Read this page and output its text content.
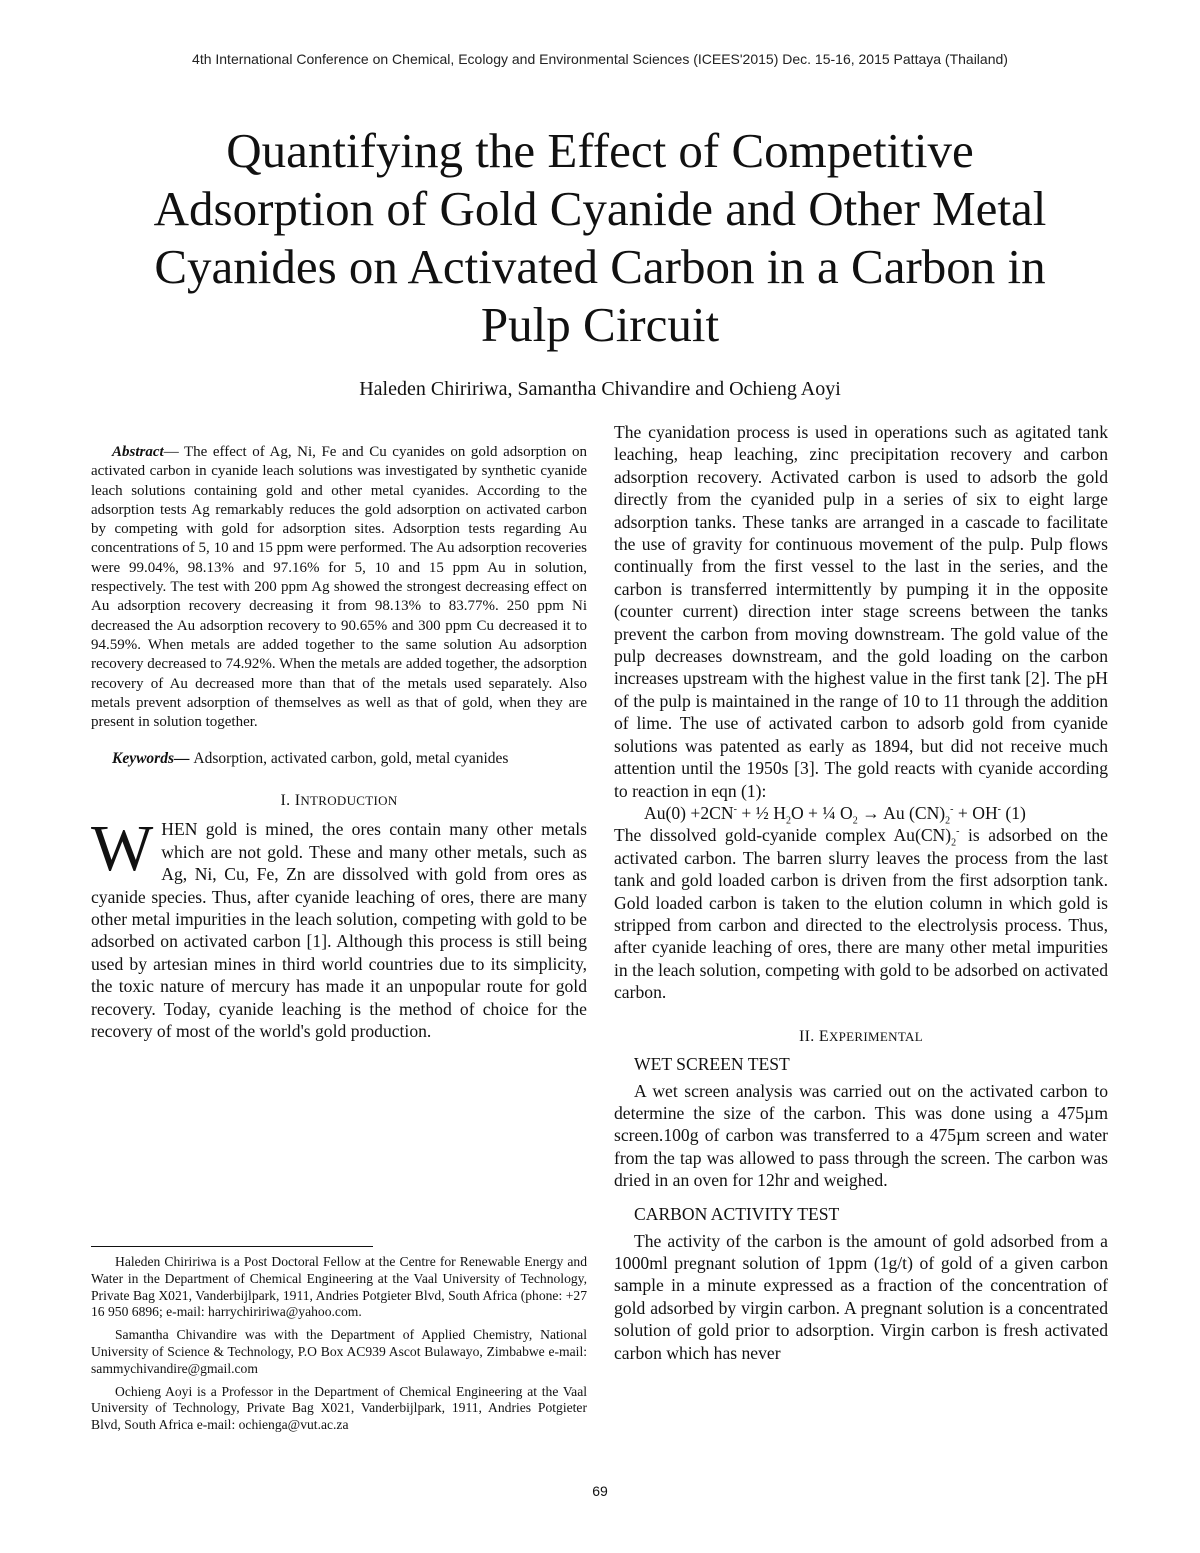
4th International Conference on Chemical, Ecology and Environmental Sciences (ICEES'2015) Dec. 15-16, 2015 Pattaya (Thailand)
Quantifying the Effect of Competitive Adsorption of Gold Cyanide and Other Metal Cyanides on Activated Carbon in a Carbon in Pulp Circuit
Haleden Chiririwa, Samantha Chivandire and Ochieng Aoyi

Abstract— The effect of Ag, Ni, Fe and Cu cyanides on gold adsorption on activated carbon in cyanide leach solutions was investigated by synthetic cyanide leach solutions containing gold and other metal cyanides. According to the adsorption tests Ag remarkably reduces the gold adsorption on activated carbon by competing with gold for adsorption sites. Adsorption tests regarding Au concentrations of 5, 10 and 15 ppm were performed. The Au adsorption recoveries were 99.04%, 98.13% and 97.16% for 5, 10 and 15 ppm Au in solution, respectively. The test with 200 ppm Ag showed the strongest decreasing effect on Au adsorption recovery decreasing it from 98.13% to 83.77%. 250 ppm Ni decreased the Au adsorption recovery to 90.65% and 300 ppm Cu decreased it to 94.59%. When metals are added together to the same solution Au adsorption recovery decreased to 74.92%. When the metals are added together, the adsorption recovery of Au decreased more than that of the metals used separately. Also metals prevent adsorption of themselves as well as that of gold, when they are present in solution together.

Keywords— Adsorption, activated carbon, gold, metal cyanides

I. INTRODUCTION

WHEN gold is mined, the ores contain many other metals which are not gold. These and many other metals, such as Ag, Ni, Cu, Fe, Zn are dissolved with gold from ores as cyanide species. Thus, after cyanide leaching of ores, there are many other metal impurities in the leach solution, competing with gold to be adsorbed on activated carbon [1]. Although this process is still being used by artesian mines in third world countries due to its simplicity, the toxic nature of mercury has made it an unpopular route for gold recovery. Today, cyanide leaching is the method of choice for the recovery of most of the world's gold production.

Haleden Chiririwa is a Post Doctoral Fellow at the Centre for Renewable Energy and Water in the Department of Chemical Engineering at the Vaal University of Technology, Private Bag X021, Vanderbijlpark, 1911, Andries Potgieter Blvd, South Africa (phone: +27 16 950 6896; e-mail: harrychiririwa@yahoo.com.

Samantha Chivandire was with the Department of Applied Chemistry, National University of Science & Technology, P.O Box AC939 Ascot Bulawayo, Zimbabwe e-mail: sammychivandire@gmail.com

Ochieng Aoyi is a Professor in the Department of Chemical Engineering at the Vaal University of Technology, Private Bag X021, Vanderbijlpark, 1911, Andries Potgieter Blvd, South Africa e-mail: ochienga@vut.ac.za

The cyanidation process is used in operations such as agitated tank leaching, heap leaching, zinc precipitation recovery and carbon adsorption recovery. Activated carbon is used to adsorb the gold directly from the cyanided pulp in a series of six to eight large adsorption tanks. These tanks are arranged in a cascade to facilitate the use of gravity for continuous movement of the pulp. Pulp flows continually from the first vessel to the last in the series, and the carbon is transferred intermittently by pumping it in the opposite (counter current) direction inter stage screens between the tanks prevent the carbon from moving downstream. The gold value of the pulp decreases downstream, and the gold loading on the carbon increases upstream with the highest value in the first tank [2]. The pH of the pulp is maintained in the range of 10 to 11 through the addition of lime. The use of activated carbon to adsorb gold from cyanide solutions was patented as early as 1894, but did not receive much attention until the 1950s [3]. The gold reacts with cyanide according to reaction in eqn (1):

Au(0) +2CN- + ½ $H_2O$ + ¼ $O_2 \to Au$ $(CN)_2^- + OH^-$ (1)

The dissolved gold-cyanide complex $Au(CN)_2^-$ is adsorbed on the activated carbon. The barren slurry leaves the process from the last tank and gold loaded carbon is driven from the first adsorption tank. Gold loaded carbon is taken to the elution column in which gold is stripped from carbon and directed to the electrolysis process. Thus, after cyanide leaching of ores, there are many other metal impurities in the leach solution, competing with gold to be adsorbed on activated carbon.

II. EXPERIMENTAL
WET SCREEN TEST

A wet screen analysis was carried out on the activated carbon to determine the size of the carbon. This was done using a 475µm screen.100g of carbon was transferred to a 475µm screen and water from the tap was allowed to pass through the screen. The carbon was dried in an oven for 12hr and weighed.

CARBON ACTIVITY TEST

The activity of the carbon is the amount of gold adsorbed from a 1000ml pregnant solution of 1ppm (1g/t) of gold of a given carbon sample in a minute expressed as a fraction of the concentration of gold adsorbed by virgin carbon. A pregnant solution is a concentrated solution of gold prior to adsorption. Virgin carbon is fresh activated carbon which has never

69
